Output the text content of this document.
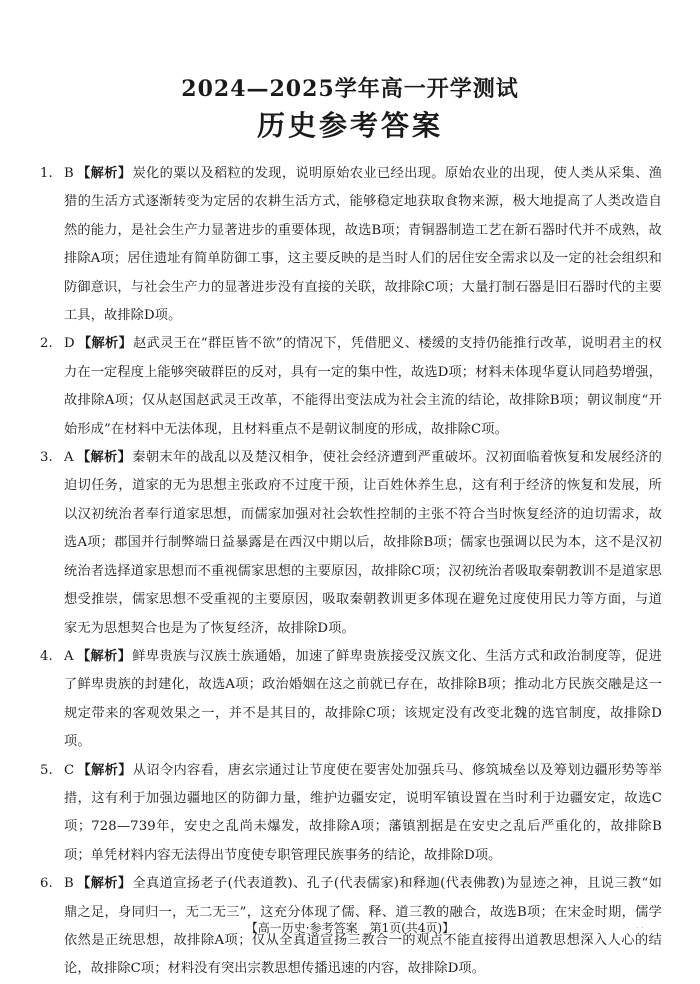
2024—2025学年高一开学测试
历史参考答案

1. B 【解析】炭化的粟以及稻粒的发现，说明原始农业已经出现。原始农业的出现，使人类从采集、渔猎的生活方式逐渐转变为定居的农耕生活方式，能够稳定地获取食物来源，极大地提高了人类改造自然的能力，是社会生产力显著进步的重要体现，故选B项；青铜器制造工艺在新石器时代并不成熟，故排除A项；居住遗址有简单防御工事，这主要反映的是当时人们的居住安全需求以及一定的社会组织和防御意识，与社会生产力的显著进步没有直接的关联，故排除C项；大量打制石器是旧石器时代的主要工具，故排除D项。

2. D 【解析】赵武灵王在“群臣皆不欲”的情况下，凭借肥义、楼缓的支持仍能推行改革，说明君主的权力在一定程度上能够突破群臣的反对，具有一定的集中性，故选D项；材料未体现华夏认同趋势增强，故排除A项；仅从赵国赵武灵王改革，不能得出变法成为社会主流的结论，故排除B项；朝议制度“开始形成”在材料中无法体现，且材料重点不是朝议制度的形成，故排除C项。

3. A 【解析】秦朝末年的战乱以及楚汉相争，使社会经济遭到严重破坏。汉初面临着恢复和发展经济的迫切任务，道家的无为思想主张政府不过度干预，让百姓休养生息，这有利于经济的恢复和发展，所以汉初统治者奉行道家思想，而儒家加强对社会软性控制的主张不符合当时恢复经济的迫切需求，故选A项；郡国并行制弊端日益暴露是在西汉中期以后，故排除B项；儒家也强调以民为本，这不是汉初统治者选择道家思想而不重视儒家思想的主要原因，故排除C项；汉初统治者吸取秦朝教训不是道家思想受推崇，儒家思想不受重视的主要原因，吸取秦朝教训更多体现在避免过度使用民力等方面，与道家无为思想契合也是为了恢复经济，故排除D项。

4. A 【解析】鲜卑贵族与汉族士族通婚，加速了鲜卑贵族接受汉族文化、生活方式和政治制度等，促进了鲜卑贵族的封建化，故选A项；政治婚姻在这之前就已存在，故排除B项；推动北方民族交融是这一规定带来的客观效果之一，并不是其目的，故排除C项；该规定没有改变北魏的选官制度，故排除D项。

5. C 【解析】从诏令内容看，唐玄宗通过让节度使在要害处加强兵马、修筑城垒以及筹划边疆形势等举措，这有利于加强边疆地区的防御力量，维护边疆安定，说明军镇设置在当时利于边疆安定，故选C项；728—739年，安史之乱尚未爆发，故排除A项；藩镇割据是在安史之乱后严重化的，故排除B项；单凭材料内容无法得出节度使专职管理民族事务的结论，故排除D项。

6. B 【解析】全真道宣扬老子(代表道教)、孔子(代表儒家)和释迦(代表佛教)为显迹之神，且说三教“如鼎之足，身同归一，无二无三”，这充分体现了儒、释、道三教的融合，故选B项；在宋金时期，儒学依然是正统思想，故排除A项；仅从全真道宣扬三教合一的观点不能直接得出道教思想深入人心的结论，故排除C项；材料没有突出宗教思想传播迅速的内容，故排除D项。

【高一历史·参考答案　第1页(共4页)】	. .
